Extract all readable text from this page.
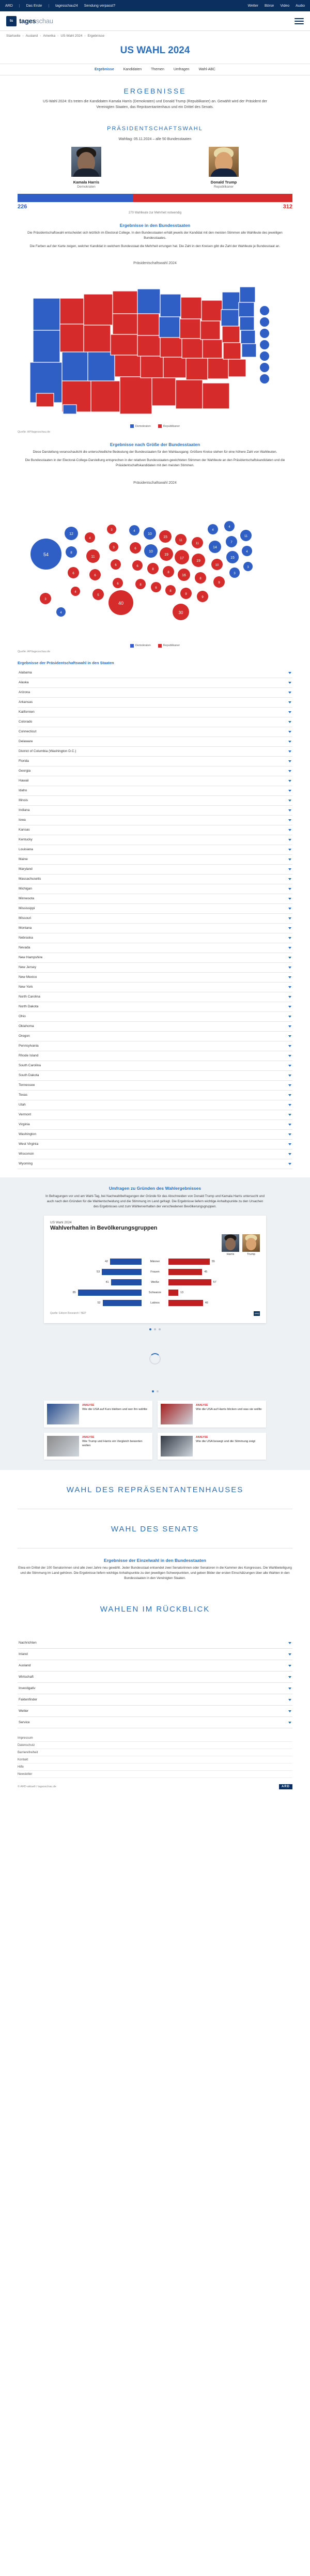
ARD | Das Erste | tagesschau24 Sendung verpasst?	Wetter Börse Video Audio
ts tagesschau
Startseite › Ausland › Amerika › US-Wahl 2024 › Ergebnisse
US WAHL 2024
Ergebnisse	Kandidaten	Themen	Umfragen	Wahl-ABC
ERGEBNISSE
US-Wahl 2024: Es treten die Kandidaten Kamala Harris (Demokraten) und Donald Trump (Republikaner) an. Gewählt wird der Präsident der Vereinigten Staaten, das Repräsentantenhaus und ein Drittel des Senats.
PRÄSIDENTSCHAFTSWAHL
Wahltag: 05.11.2024 – alle 50 Bundesstaaten
Kamala Harris
Demokraten
Donald Trump
Republikaner
226	312
270 Wahlleute zur Mehrheit notwendig
Ergebnisse in den Bundesstaaten

Die Präsidentschaftswahl entscheidet sich letztlich im Electoral College. In den Bundesstaaten erhält jeweils der Kandidat mit den meisten Stimmen alle Wahlleute des jeweiligen Bundesstaates.

Die Farben auf der Karte zeigen, welcher Kandidat in welchem Bundesstaat die Mehrheit errungen hat. Die Zahl in den Kreisen gibt die Zahl der Wahlleute je Bundesstaat an.

Präsidentschaftswahl 2024
Demokraten	Republikaner
Quelle: AP/tagesschau.de
Ergebnisse nach Größe der Bundesstaaten

Diese Darstellung veranschaulicht die unterschiedliche Bedeutung der Bundesstaaten für den Wahlausgang: Größere Kreise stehen für eine höhere Zahl von Wahlleuten.

Die Bundesstaaten in der Electoral-College-Darstellung entsprechen in der relativen Bundesstaaten-gewichteten Stimmen der Wahlleute an den Präsidentschaftskandidaten und die Präsidentschaftskandidaten mit den meisten Stimmen.

Präsidentschaftswahl 2024
54
12
8
6
4
4
11
6
5
3
3
6
6
40
4
6
6
8
10
10
8
6
15
19
8
8
11
17
16
9
30
11
19
8
9
4
14
10
9
4
7
15
3
11
4
3
3
4
Demokraten	Republikaner
Quelle: AP/tagesschau.de
Ergebnisse der Präsidentschaftswahl in den Staaten
Alabama
Alaska
Arizona
Arkansas
Kalifornien
Colorado
Connecticut
Delaware
District of Columbia (Washington D.C.)
Florida
Georgia
Hawaii
Idaho
Illinois
Indiana
Iowa
Kansas
Kentucky
Louisiana
Maine
Maryland
Massachusetts
Michigan
Minnesota
Mississippi
Missouri
Montana
Nebraska
Nevada
New Hampshire
New Jersey
New Mexico
New York
North Carolina
North Dakota
Ohio
Oklahoma
Oregon
Pennsylvania
Rhode Island
South Carolina
South Dakota
Tennessee
Texas
Utah
Vermont
Virginia
Washington
West Virginia
Wisconsin
Wyoming
Umfragen zu Gründen des Wahlergebnisses

In Befragungen vor und am Wahl-Tag, bei Nachwahlbefragungen der Gründe für das Abschneiden von Donald Trump und Kamala Harris untersucht und auch nach den Gründen für die Wahlentscheidung und die Stimmung im Land gefragt. Die Ergebnisse liefern wichtige Anhaltspunkte zu den Ursachen des Ergebnisses und zum Wählerverhalten der verschiedenen Bevölkerungsgruppen.

US Wahl 2024
Wahlverhalten in Bevölkerungsgruppen
Harris	Trump
42	Männer	55
53	Frauen	45
41	Weiße	57
85	Schwarze	13
52	Latinos	46
Quelle: Edison Research / NEP	ARD
ANALYSE
Wie die USA auf Kurs bleiben und wer ihn wählte
ANALYSE
Wie die USA auf Harris blicken und was sie wollte
ANALYSE
Wie Trump und Harris ein Vergleich bewerten wollen
ANALYSE
Wie die USA bewegt und die Stimmung zeigt
WAHL DES REPRÄSENTANTENHAUSES
WAHL DES SENATS
Ergebnisse der Einzelwahl in den Bundesstaaten

Etwa ein Drittel der 100 Senatorinnen sind alle zwei Jahre neu gewählt. Jeder Bundesstaat entsendet zwei Senatorinnen oder Senatoren in die Kammer des Kongresses. Die Wahlbeteiligung und die Stimmung im Land gehören. Die Ergebnisse liefern wichtige Anhaltspunkte zu den jeweiligen Schwerpunkten, und geben Bilder der ersten Einschätzungen über alle Wahlen in den Bundesstaaten in den Vereinigten Staaten.

WAHLEN IM RÜCKBLICK
Nachrichten
Inland
Ausland
Wirtschaft
Investigativ
Faktenfinder
Wetter
Service
Impressum
Datenschutz
Barrierefreiheit
Kontakt
Hilfe
Newsletter
© ARD-aktuell / tagesschau.de	ARD
